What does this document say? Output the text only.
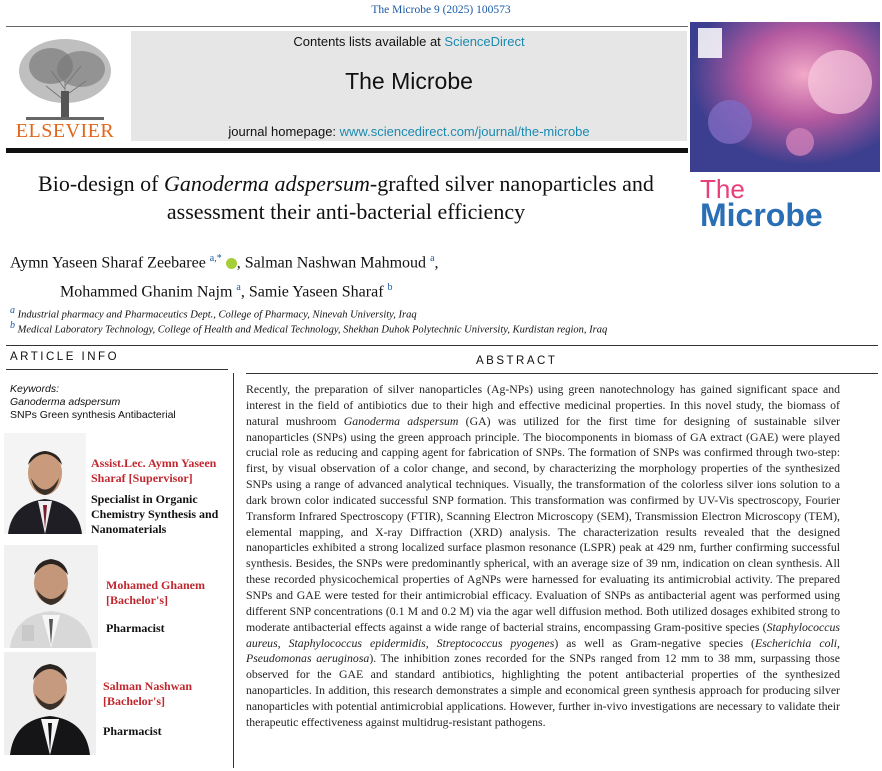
The Microbe 9 (2025) 100573
ELSEVIER
Contents lists available at ScienceDirect
The Microbe
journal homepage: www.sciencedirect.com/journal/the-microbe
The
Microbe
Bio-design of Ganoderma adspersum-grafted silver nanoparticles and
assessment their anti-bacterial efficiency
Aymn Yaseen Sharaf Zeebaree $^{a,*}$ , Salman Nashwan Mahmoud $^a$,
Mohammed Ghanim Najm $^a$, Samie Yaseen Sharaf $^b$
$^a$ Industrial pharmacy and Pharmaceutics Dept., College of Pharmacy, Ninevah University, Iraq
$^b$ Medical Laboratory Technology, College of Health and Medical Technology, Shekhan Duhok Polytechnic University, Kurdistan region, Iraq
ARTICLE INFO	ABSTRACT
Keywords:
Ganoderma adspersum
SNPs Green synthesis Antibacterial
Assist.Lec. Aymn Yaseen Sharaf [Supervisor]
Specialist in Organic Chemistry Synthesis and Nanomaterials
Mohamed Ghanem [Bachelor's]
Pharmacist
Salman Nashwan [Bachelor's]
Pharmacist
Recently, the preparation of silver nanoparticles (Ag-NPs) using green nanotechnology has gained significant space and interest in the field of antibiotics due to their high and effective medicinal properties. In this novel study, the biomass of natural mushroom Ganoderma adspersum (GA) was utilized for the first time for designing of sustainable silver nanoparticles (SNPs) using the green approach principle. The biocomponents in biomass of GA extract (GAE) were played crucial role as reducing and capping agent for fabrication of SNPs. The formation of SNPs was confirmed through two-step: first, by visual observation of a color change, and second, by characterizing the morphology properties of the synthesized SNPs using a range of advanced analytical techniques. Visually, the transformation of the colorless silver ions solution to a dark brown color indicated successful SNP formation. This transformation was confirmed by UV-Vis spectroscopy, Fourier Transform Infrared Spectroscopy (FTIR), Scanning Electron Microscopy (SEM), Transmission Electron Microscopy (TEM), elemental mapping, and X-ray Diffraction (XRD) analysis. The characterization results revealed that the designed nanoparticles exhibited a strong localized surface plasmon resonance (LSPR) peak at 429 nm, further confirming successful synthesis. Besides, the SNPs were predominantly spherical, with an average size of 39 nm, indication on clean synthesis. All these recorded physicochemical properties of AgNPs were harnessed for evaluating its antimicrobial activity. The prepared SNPs and GAE were tested for their antimicrobial efficacy. Evaluation of SNPs as antibacterial agent was performed using different SNP concentrations (0.1 M and 0.2 M) via the agar well diffusion method. Both utilized dosages exhibited strong to moderate antibacterial effects against a wide range of bacterial strains, encompassing Gram-positive species (Staphylococcus aureus, Staphylococcus epidermidis, Streptococcus pyogenes) as well as Gram-negative species (Escherichia coli, Pseudomonas aeruginosa). The inhibition zones recorded for the SNPs ranged from 12 mm to 38 mm, surpassing those observed for the GAE and standard antibiotics, highlighting the potent antibacterial properties of the synthesized nanoparticles. In addition, this research demonstrates a simple and economical green synthesis approach for producing silver nanoparticles with potential antimicrobial applications. However, further in-vivo investigations are necessary to validate their therapeutic effectiveness against multidrug-resistant pathogens.
